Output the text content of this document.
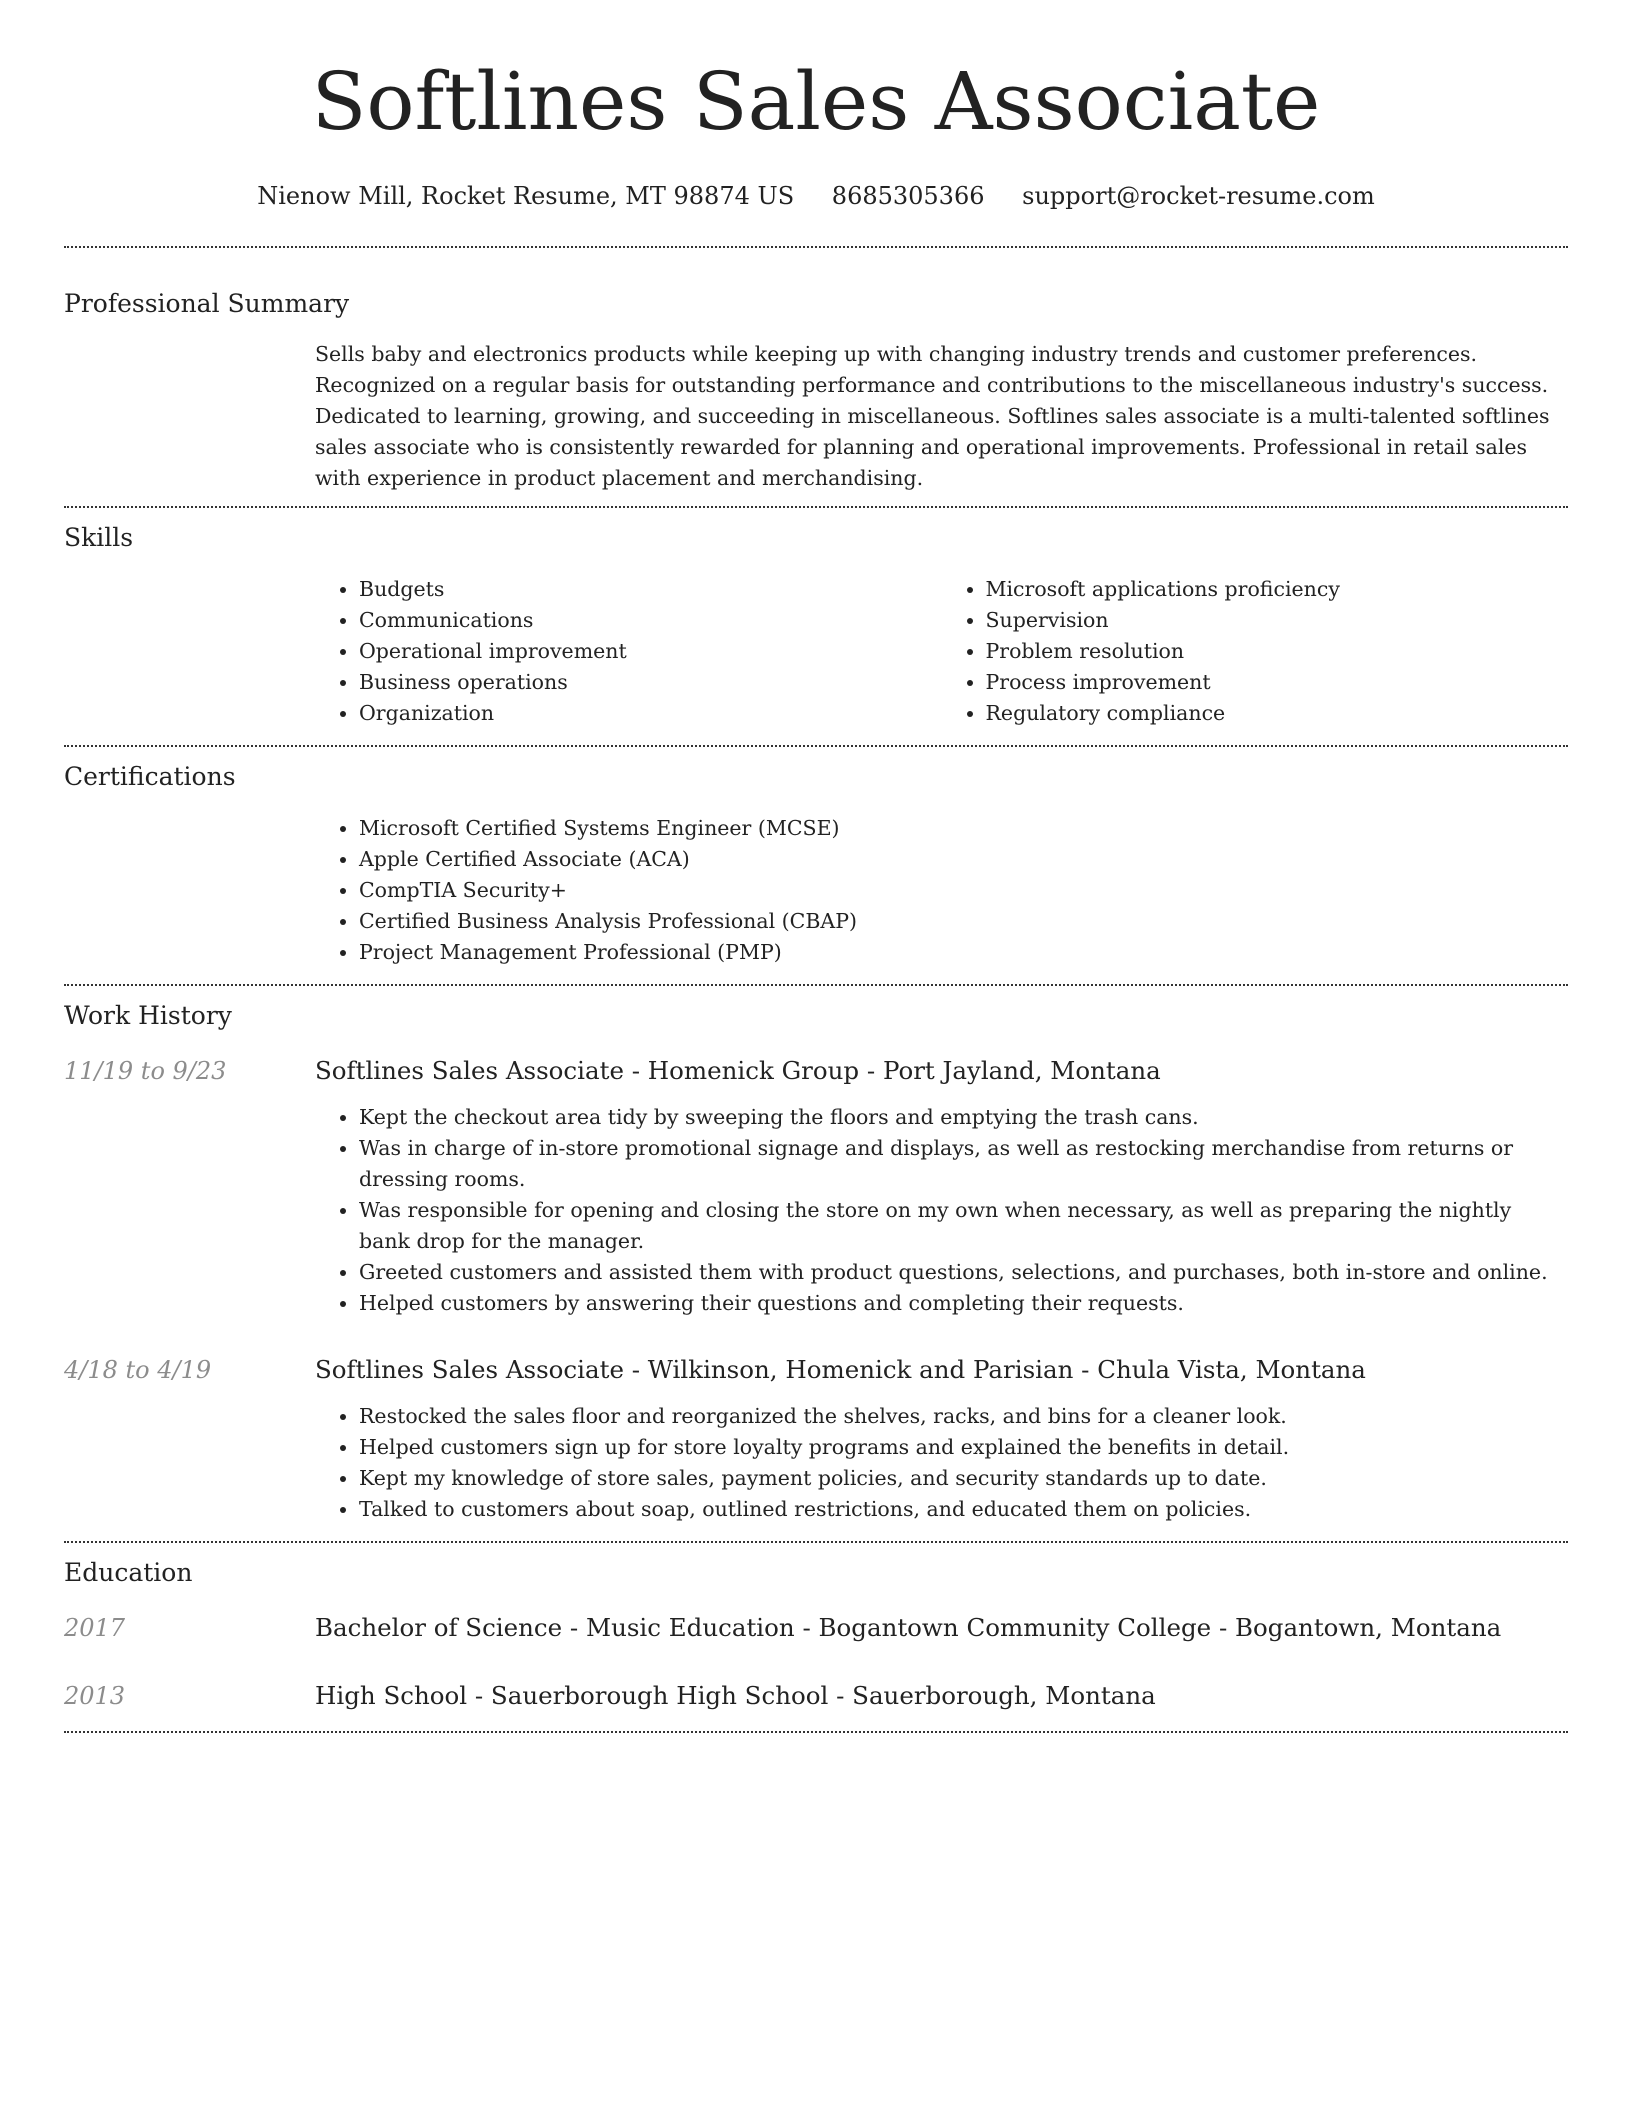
Softlines Sales Associate
Nienow Mill, Rocket Resume, MT 98874 US 8685305366 support@rocket-resume.com
Professional Summary

Sells baby and electronics products while keeping up with changing industry trends and customer preferences. Recognized on a regular basis for outstanding performance and contributions to the miscellaneous industry's success. Dedicated to learning, growing, and succeeding in miscellaneous. Softlines sales associate is a multi-talented softlines sales associate who is consistently rewarded for planning and operational improvements. Professional in retail sales with experience in product placement and merchandising.

Skills
• Budgets
• Communications
• Operational improvement
• Business operations
• Organization
• Microsoft applications proficiency
• Supervision
• Problem resolution
• Process improvement
• Regulatory compliance
Certifications
• Microsoft Certified Systems Engineer (MCSE)
• Apple Certified Associate (ACA)
• CompTIA Security+
• Certified Business Analysis Professional (CBAP)
• Project Management Professional (PMP)
Work History
11/19 to 9/23	Softlines Sales Associate - Homenick Group - Port Jayland, Montana

• Kept the checkout area tidy by sweeping the floors and emptying the trash cans.
• Was in charge of in-store promotional signage and displays, as well as restocking merchandise from returns or dressing rooms.
• Was responsible for opening and closing the store on my own when necessary, as well as preparing the nightly bank drop for the manager.
• Greeted customers and assisted them with product questions, selections, and purchases, both in-store and online.
• Helped customers by answering their questions and completing their requests.
4/18 to 4/19	Softlines Sales Associate - Wilkinson, Homenick and Parisian - Chula Vista, Montana

• Restocked the sales floor and reorganized the shelves, racks, and bins for a cleaner look.
• Helped customers sign up for store loyalty programs and explained the benefits in detail.
• Kept my knowledge of store sales, payment policies, and security standards up to date.
• Talked to customers about soap, outlined restrictions, and educated them on policies.
Education
2017	Bachelor of Science - Music Education - Bogantown Community College - Bogantown, Montana
2013	High School - Sauerborough High School - Sauerborough, Montana
